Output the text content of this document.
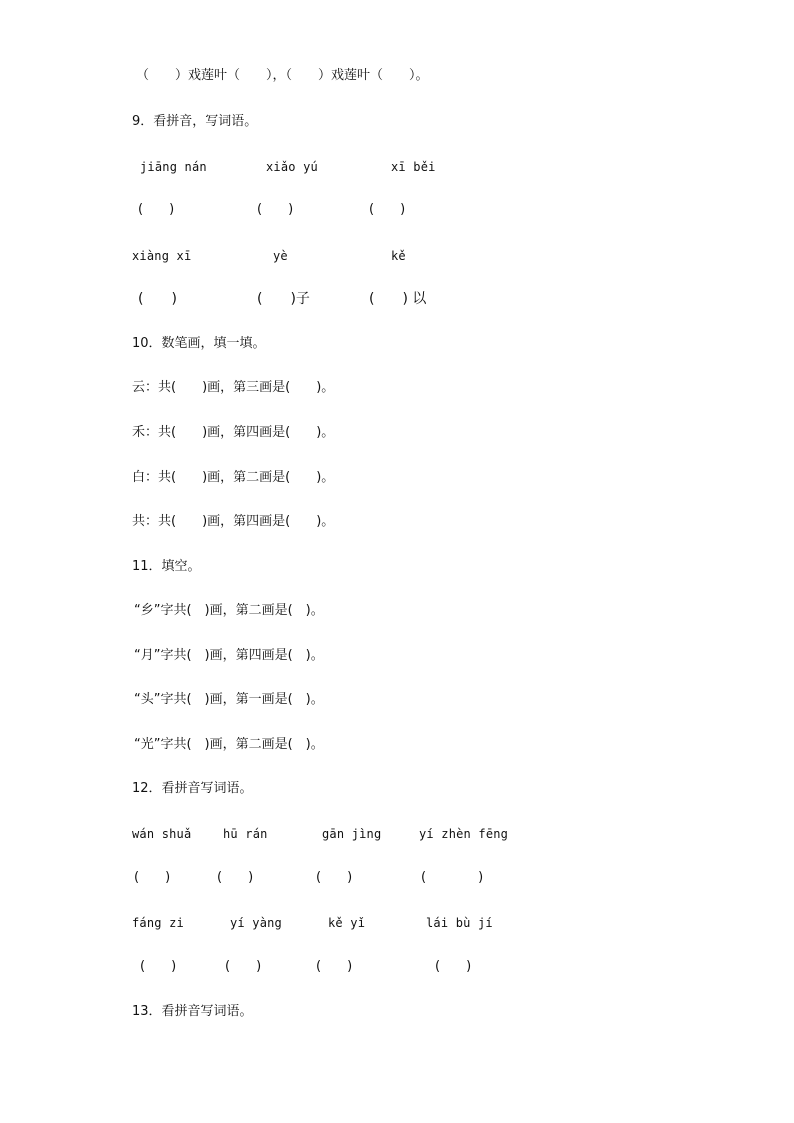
（　　）戏莲叶（　　），（　　）戏莲叶（　　）。
9．看拼音，写词语。
jiāng nán	xiǎo yú	xī běi
(　　)	(　　)	(　　)
xiàng xī	yè	kě
(　　)	(　　)子	(　　) 以
10．数笔画，填一填。
云：共(　　)画，第三画是(　　)。
禾：共(　　)画，第四画是(　　)。
白：共(　　)画，第二画是(　　)。
共：共(　　)画，第四画是(　　)。
11．填空。
“乡”字共(　)画，第二画是(　)。
“月”字共(　)画，第四画是(　)。
“头”字共(　)画，第一画是(　)。
“光”字共(　)画，第二画是(　)。
12．看拼音写词语。
wán shuǎ	hū rán	gān jìng	yí zhèn fēng
(　　)	(　　)	(　　)	(　　　　)
fáng zi	yí yàng	kě yǐ	lái bù jí
(　　)	(　　)	(　　)	(　　)
13．看拼音写词语。
